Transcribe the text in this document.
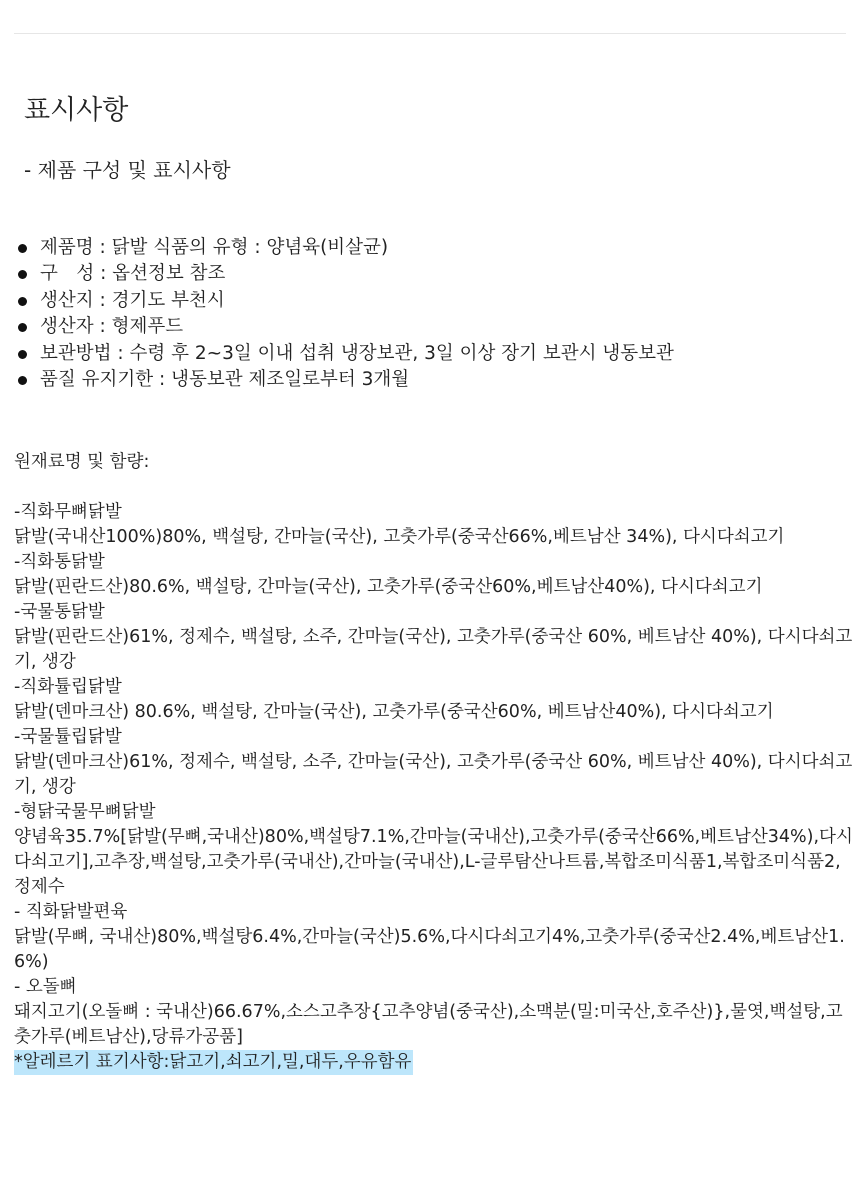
표시사항

- 제품 구성 및 표시사항

제품명 : 닭발 식품의 유형 : 양념육(비살균)
구　성 : 옵션정보 참조
생산지 : 경기도 부천시
생산자 : 형제푸드
보관방법 : 수령 후 2~3일 이내 섭취 냉장보관, 3일 이상 장기 보관시 냉동보관
품질 유지기한 : 냉동보관 제조일로부터 3개월

원재료명 및 함량:

-직화무뼈닭발

닭발(국내산100%)80%, 백설탕, 간마늘(국산), 고춧가루(중국산66%,베트남산 34%), 다시다쇠고기

-직화통닭발

닭발(핀란드산)80.6%, 백설탕, 간마늘(국산), 고춧가루(중국산60%,베트남산40%), 다시다쇠고기

-국물통닭발

닭발(핀란드산)61%, 정제수, 백설탕, 소주, 간마늘(국산), 고춧가루(중국산 60%, 베트남산 40%), 다시다쇠고기, 생강

-직화튤립닭발

닭발(덴마크산) 80.6%, 백설탕, 간마늘(국산), 고춧가루(중국산60%, 베트남산40%), 다시다쇠고기

-국물튤립닭발

닭발(덴마크산)61%, 정제수, 백설탕, 소주, 간마늘(국산), 고춧가루(중국산 60%, 베트남산 40%), 다시다쇠고기, 생강

-형닭국물무뼈닭발

양념육35.7%[닭발(무뼈,국내산)80%,백설탕7.1%,간마늘(국내산),고춧가루(중국산66%,베트남산34%),다시다쇠고기],고추장,백설탕,고춧가루(국내산),간마늘(국내산),L-글루탐산나트륨,복합조미식품1,복합조미식품2,정제수

- 직화닭발편육

닭발(무뼈, 국내산)80%,백설탕6.4%,간마늘(국산)5.6%,다시다쇠고기4%,고춧가루(중국산2.4%,베트남산1.6%)

- 오돌뼈

돼지고기(오돌뼈 : 국내산)66.67%,소스고추장{고추양념(중국산),소맥분(밀:미국산,호주산)},물엿,백설탕,고춧가루(베트남산),당류가공품]

*알레르기 표기사항:닭고기,쇠고기,밀,대두,우유함유
